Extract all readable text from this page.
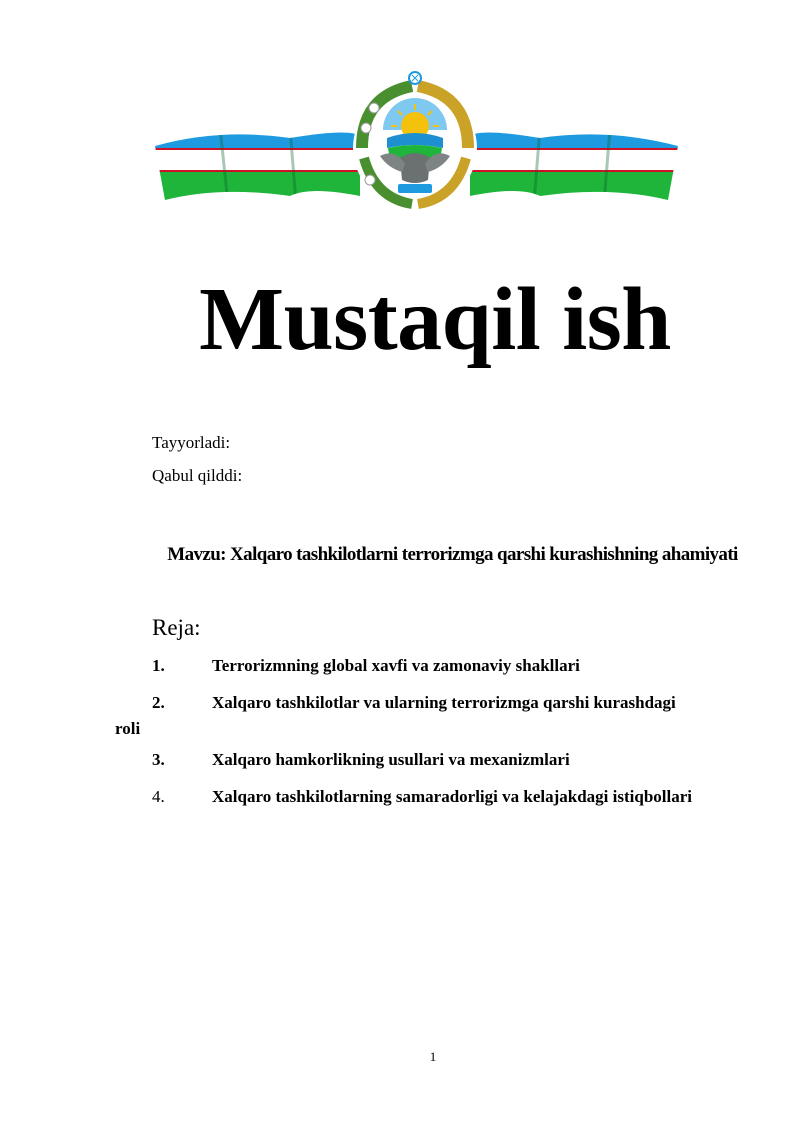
Mustaqil ish
Tayyorladi:
Qabul qilddi:
Mavzu: Xalqaro tashkilotlarni terrorizmga qarshi kurashishning ahamiyati
Reja:
1.	Terrorizmning global xavfi va zamonaviy shakllari
2.	Xalqaro tashkilotlar va ularning terrorizmga qarshi kurashdagi
roli
3.	Xalqaro hamkorlikning usullari va mexanizmlari
4.	Xalqaro tashkilotlarning samaradorligi va kelajakdagi istiqbollari
1
